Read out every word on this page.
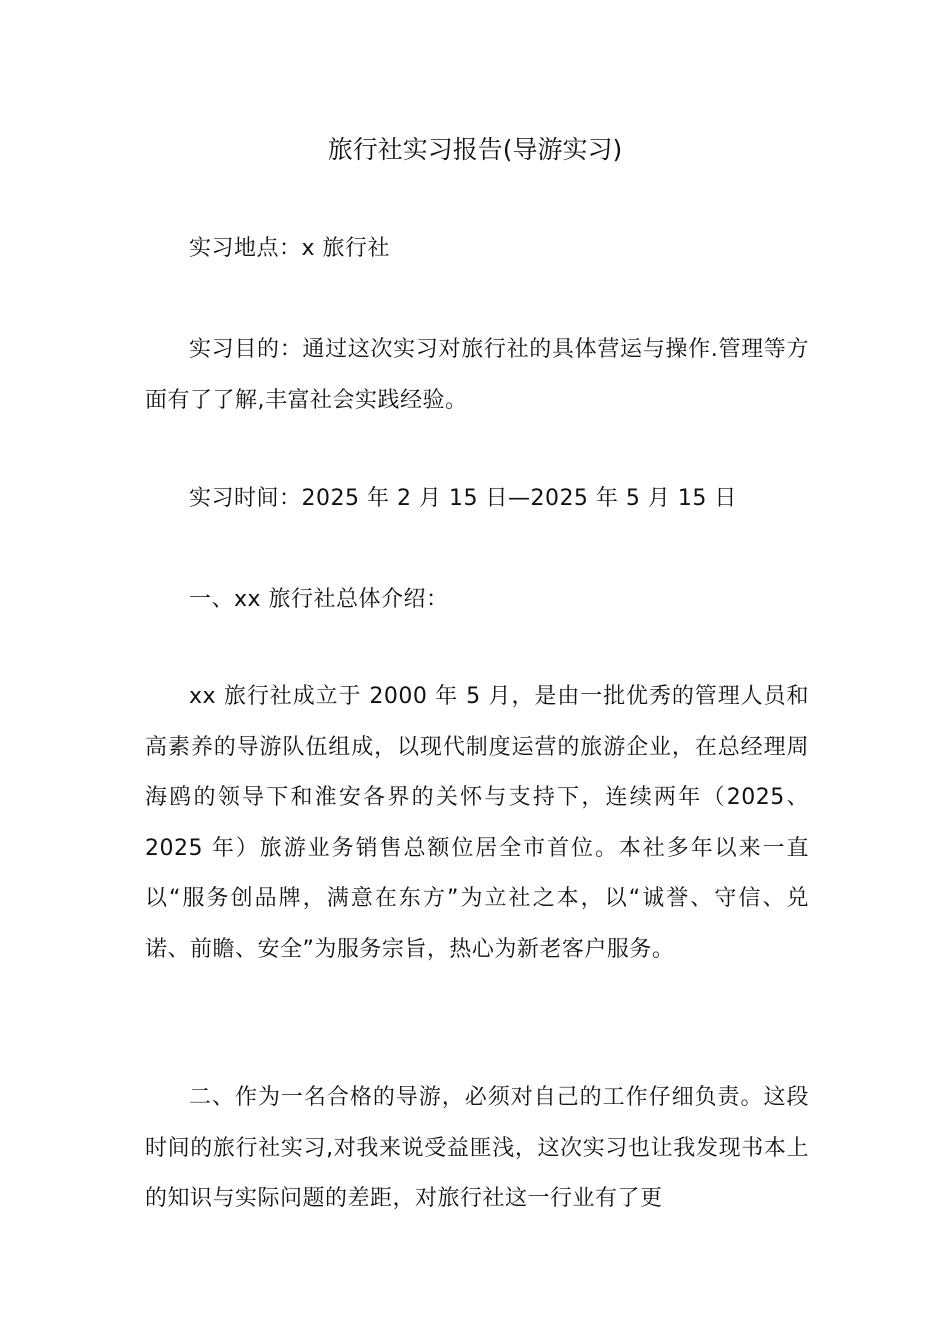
旅行社实习报告(导游实习)

实习地点：x 旅行社

实习目的：通过这次实习对旅行社的具体营运与操作.管理等方面有了了解,丰富社会实践经验。

实习时间：2025 年 2 月 15 日—2025 年 5 月 15 日

一、xx 旅行社总体介绍：

xx 旅行社成立于 2000 年 5 月，是由一批优秀的管理人员和高素养的导游队伍组成，以现代制度运营的旅游企业，在总经理周海鸥的领导下和淮安各界的关怀与支持下，连续两年（2025、2025 年）旅游业务销售总额位居全市首位。本社多年以来一直以“服务创品牌，满意在东方”为立社之本，以“诚誉、守信、兑诺、前瞻、安全”为服务宗旨，热心为新老客户服务。

二、作为一名合格的导游，必须对自己的工作仔细负责。这段时间的旅行社实习,对我来说受益匪浅，这次实习也让我发现书本上的知识与实际问题的差距，对旅行社这一行业有了更
